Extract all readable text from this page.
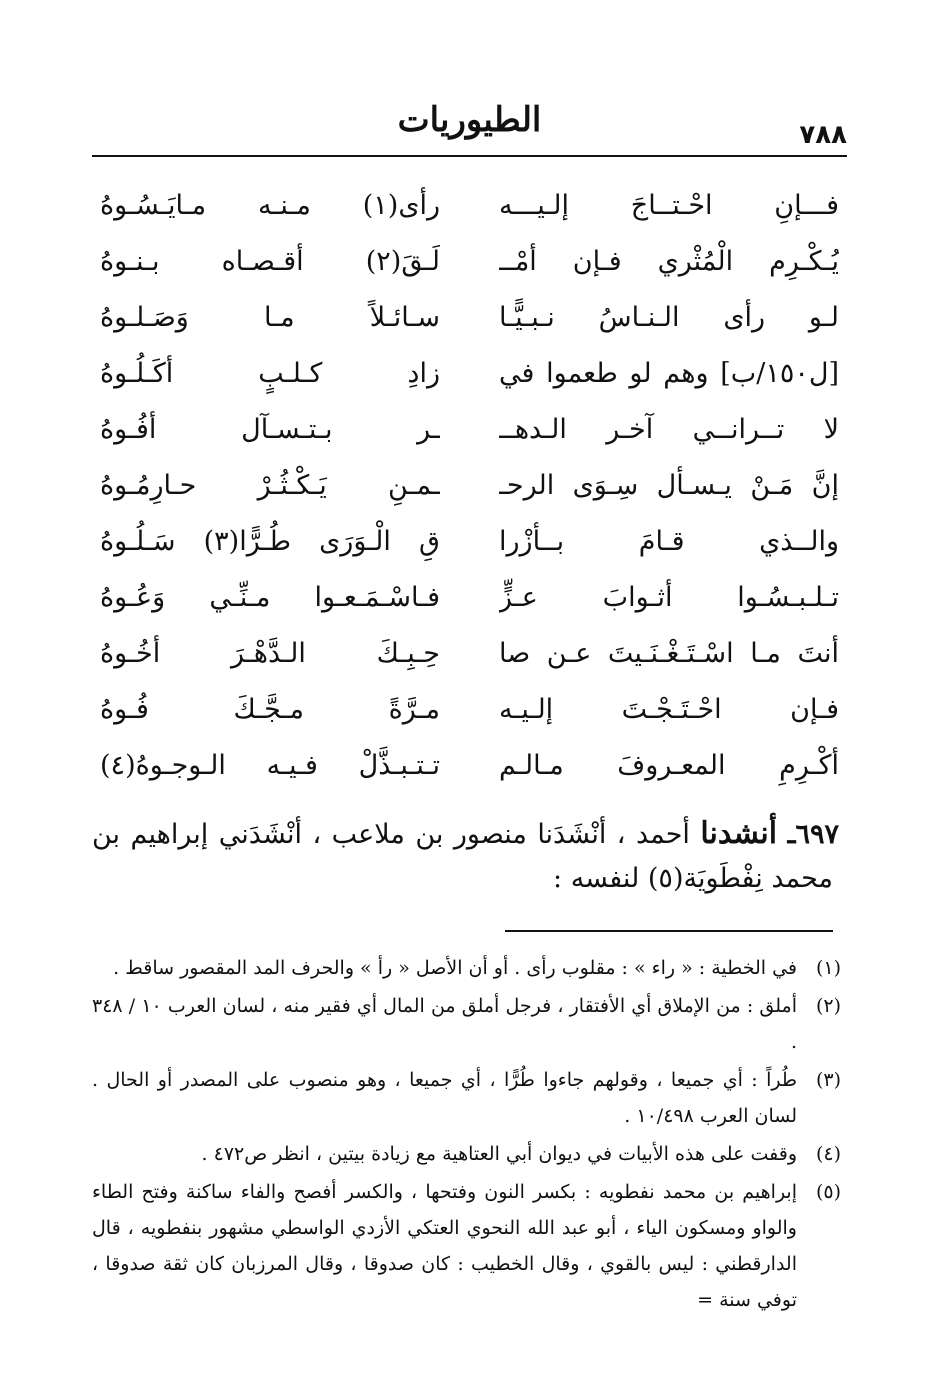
٧٨٨
الطيوريات
فـــإنِ احْـتــاجَ إلـيـــه
رأى(١) مـنـه مـايَـسُـوهُ
يُـكْـرِم الْمُثْري فـإن أمْــ
لَـقَ(٢) أقـصـاه بـنـوهُ
لـو رأى الـنـاسُ نـبـيًّـا
سـائـلاً مـا وَصَـلـوهُ
[ل١٥٠/ب] وهم لو طعموا في
زادِ كـلـبٍ أكَـلُـوهُ
لا تــرانــي آخـر الـدهــ
ـر بـتـسـآل أفُـوهُ
إنَّ مَـنْ يـسـأل سِـوَى الرحـ
ـمـنِ يَـكْـثُـرْ حـارِمُـوهُ
والــذي قـامَ بــأزْرا
قِ الْـوَرَى طُـرًّا(٣) سَـلُـوهُ
تـلـبـسُـوا أثـوابَ عـزٍّ
فـاسْـمَـعـوا مـنِّـي وَعُـوهُ
أنتَ مـا اسْـتَـغْـنَـيتَ عـن صا
حِـبِـكَ الـدَّهْـرَ أخُـوهُ
فـإن احْـتَـجْـتَ إلـيـه
مـرَّةً مـجَّـكَ فُـوهُ
أكْـرِمِ المعـروفَ مـالـم
تـتـبـذَّلْ فـيـه الـوجـوهُ(٤)
٦٩٧ـ أنشدنا أحمد ، أنْشَدَنا منصور بن ملاعب ، أنْشَدَني إبراهيم بن
محمد نِفْطَويَة(٥) لنفسه :
(١)
في الخطية : « راء » : مقلوب رأى . أو أن الأصل « رأ » والحرف المد المقصور ساقط .
(٢)
أملق : من الإملاق أي الأفتقار ، فرجل أملق من المال أي فقير منه ، لسان العرب ١٠ / ٣٤٨ .
(٣)
طُراً : أي جميعا ، وقولهم جاءوا طُرًّا ، أي جميعا ، وهو منصوب على المصدر أو الحال . لسان العرب ١٠/٤٩٨ .
(٤)
وقفت على هذه الأبيات في ديوان أبي العتاهية مع زيادة بيتين ، انظر ص٤٧٢ .
(٥)
إبراهيم بن محمد نفطويه : بكسر النون وفتحها ، والكسر أفصح والفاء ساكنة وفتح الطاء والواو ومسكون الياء ، أبو عبد الله النحوي العتكي الأزدي الواسطي مشهور بنفطويه ، قال الدارقطني : ليس بالقوي ، وقال الخطيب : كان صدوقا ، وقال المرزبان كان ثقة صدوقا ، توفي سنة =
